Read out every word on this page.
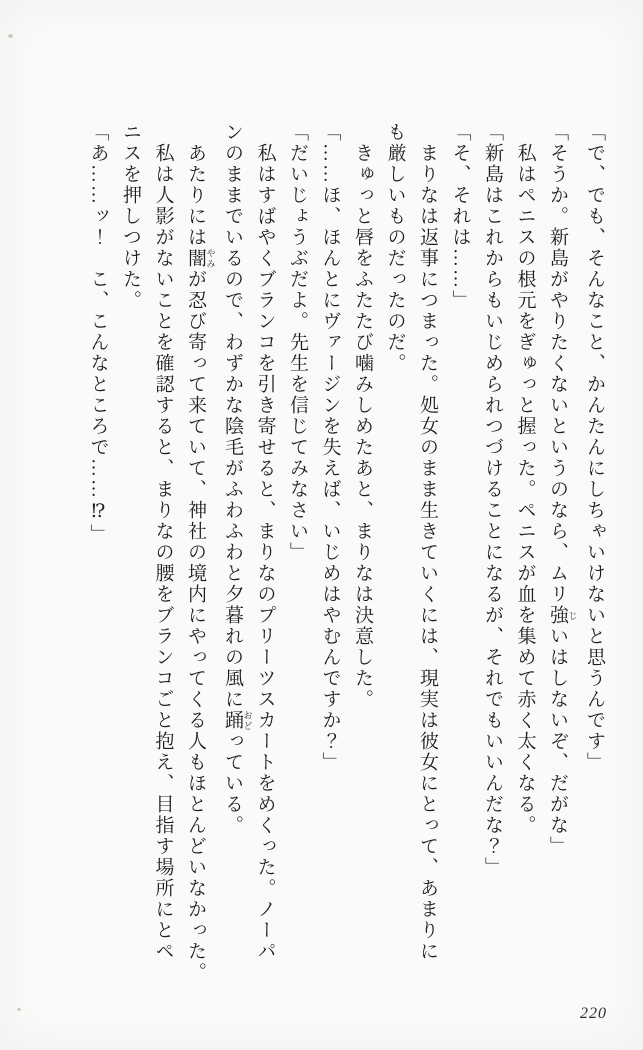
「で、でも、そんなこと、かんたんにしちゃいけないと思うんです」

「そうか。新島がやりたくないというのなら、ムリ強 じいはしないぞ、だがな」

私はペニスの根元をぎゅっと握った。ペニスが血を集めて赤く太くなる。

「新島はこれからもいじめられつづけることになるが、それでもいいんだな？」

「そ、それは……」

まりなは返事につまった。処女のまま生きていくには、現実は彼女にとって、あまりにも厳しいものだったのだ。

きゅっと唇をふたたび噛みしめたあと、まりなは決意した。

「……ほ、ほんとにヴァージンを失えば、いじめはやむんですか？」

「だいじょうぶだよ。先生を信じてみなさい」

私はすばやくブランコを引き寄せると、まりなのプリーツスカートをめくった。ノーパンのままでいるので、わずかな陰毛がふわふわと夕暮れの風に踊 おどっている。

あたりには闇 やみが忍び寄って来ていて、神社の境内にやってくる人もほとんどいなかった。

私は人影がないことを確認すると、まりなの腰をブランコごと抱え、目指す場所にとペニスを押しつけた。

「あ……ッ！　こ、こんなところで……⁉」

220
